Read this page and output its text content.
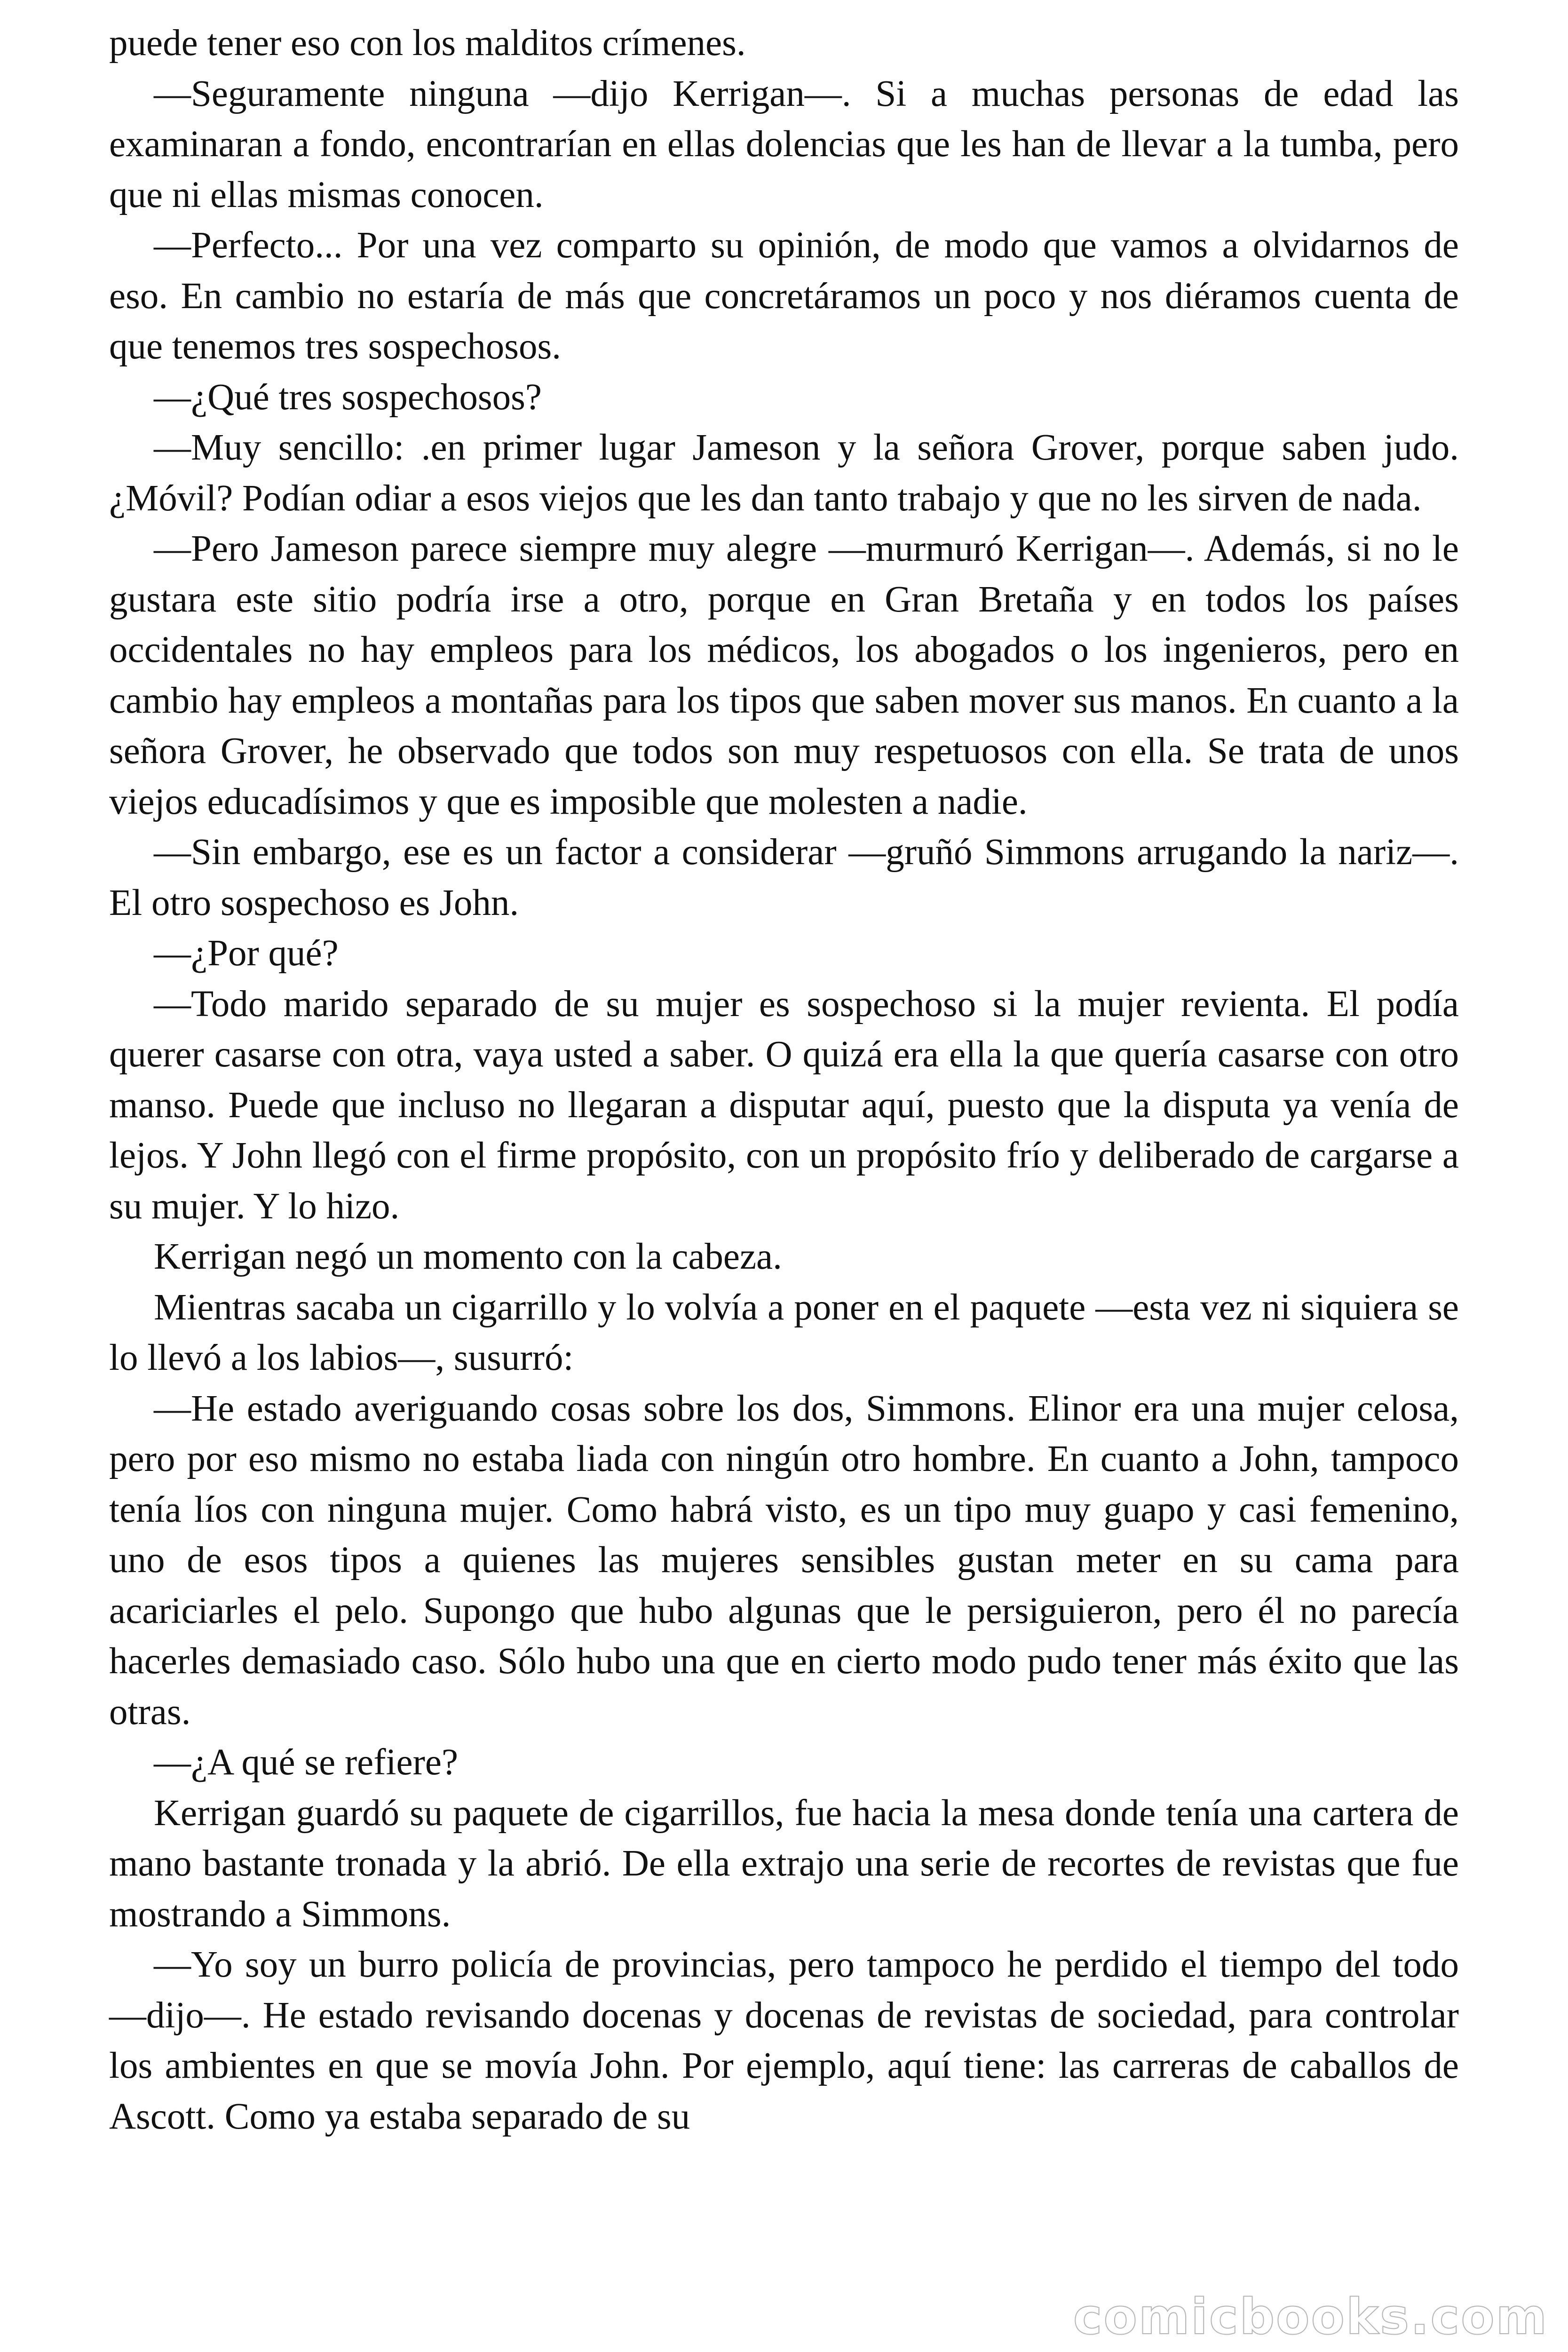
puede tener eso con los malditos crímenes.

—Seguramente ninguna —dijo Kerrigan—. Si a muchas personas de edad las examinaran a fondo, encontrarían en ellas dolencias que les han de llevar a la tumba, pero que ni ellas mismas conocen.

—Perfecto... Por una vez comparto su opinión, de modo que vamos a olvidarnos de eso. En cambio no estaría de más que concretáramos un poco y nos diéramos cuenta de que tenemos tres sospechosos.

—¿Qué tres sospechosos?

—Muy sencillo: .en primer lugar Jameson y la señora Grover, porque saben judo. ¿Móvil? Podían odiar a esos viejos que les dan tanto trabajo y que no les sirven de nada.

—Pero Jameson parece siempre muy alegre —murmuró Kerrigan—. Además, si no le gustara este sitio podría irse a otro, porque en Gran Bretaña y en todos los países occidentales no hay empleos para los médicos, los abogados o los ingenieros, pero en cambio hay empleos a montañas para los tipos que saben mover sus manos. En cuanto a la señora Grover, he observado que todos son muy respetuosos con ella. Se trata de unos viejos educadísimos y que es imposible que molesten a nadie.

—Sin embargo, ese es un factor a considerar —gruñó Simmons arrugando la nariz—. El otro sospechoso es John.

—¿Por qué?

—Todo marido separado de su mujer es sospechoso si la mujer revienta. El podía querer casarse con otra, vaya usted a saber. O quizá era ella la que quería casarse con otro manso. Puede que incluso no llegaran a disputar aquí, puesto que la disputa ya venía de lejos. Y John llegó con el firme propósito, con un propósito frío y deliberado de cargarse a su mujer. Y lo hizo.

Kerrigan negó un momento con la cabeza.

Mientras sacaba un cigarrillo y lo volvía a poner en el paquete —esta vez ni siquiera se lo llevó a los labios—, susurró:

—He estado averiguando cosas sobre los dos, Simmons. Elinor era una mujer celosa, pero por eso mismo no estaba liada con ningún otro hombre. En cuanto a John, tampoco tenía líos con ninguna mujer. Como habrá visto, es un tipo muy guapo y casi femenino, uno de esos tipos a quienes las mujeres sensibles gustan meter en su cama para acariciarles el pelo. Supongo que hubo algunas que le persiguieron, pero él no parecía hacerles demasiado caso. Sólo hubo una que en cierto modo pudo tener más éxito que las otras.

—¿A qué se refiere?

Kerrigan guardó su paquete de cigarrillos, fue hacia la mesa donde tenía una cartera de mano bastante tronada y la abrió. De ella extrajo una serie de recortes de revistas que fue mostrando a Simmons.

—Yo soy un burro policía de provincias, pero tampoco he perdido el tiempo del todo —dijo—. He estado revisando docenas y docenas de revistas de sociedad, para controlar los ambientes en que se movía John. Por ejemplo, aquí tiene: las carreras de caballos de Ascott. Como ya estaba separado de su

comicbooks.com
